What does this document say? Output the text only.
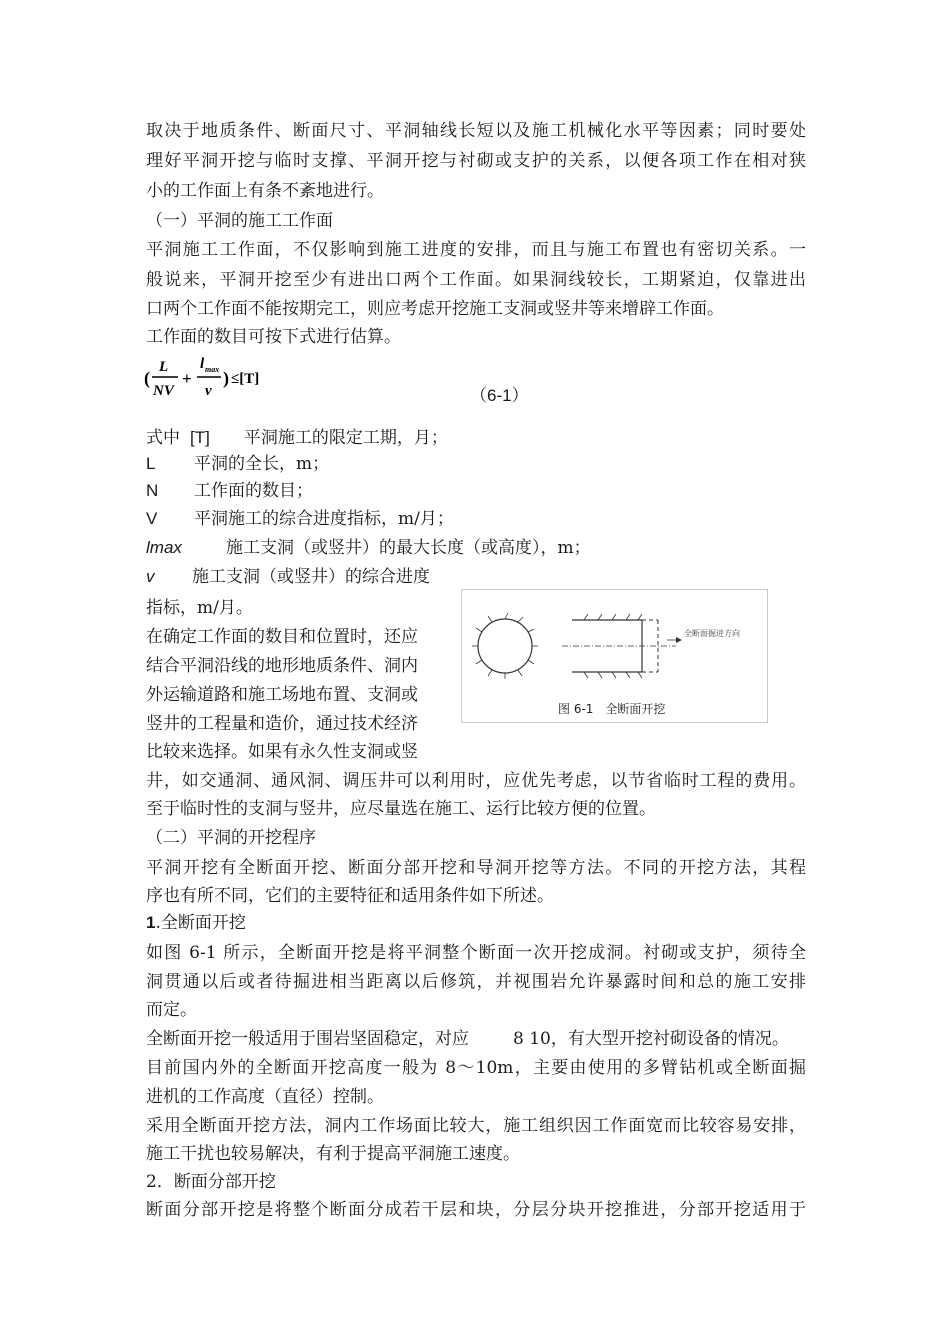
取决于地质条件、断面尺寸、平洞轴线长短以及施工机械化水平等因素；同时要处
理好平洞开挖与临时支撑、平洞开挖与衬砌或支护的关系，以便各项工作在相对狭
小的工作面上有条不紊地进行。
（一）平洞的施工工作面
平洞施工工作面，不仅影响到施工进度的安排，而且与施工布置也有密切关系。一
般说来，平洞开挖至少有进出口两个工作面。如果洞线较长，工期紧迫，仅靠进出
口两个工作面不能按期完工，则应考虑开挖施工支洞或竖井等来增辟工作面。
工作面的数目可按下式进行估算。
(
L
NV
+
l max
v
) ≤[T]
（6-1）
式中 [T] 平洞施工的限定工期，月；
L 平洞的全长，m；
N 工作面的数目；
V 平洞施工的综合进度指标，m/月；
lmax	施工支洞（或竖井）的最大长度（或高度），m；
v 施工支洞（或竖井）的综合进度
指标，m/月。
在确定工作面的数目和位置时，还应
结合平洞沿线的地形地质条件、洞内
外运输道路和施工场地布置、支洞或
竖井的工程量和造价，通过技术经济
比较来选择。如果有永久性支洞或竖
全断面掘进方向
图 6-1　全断面开挖
井，如交通洞、通风洞、调压井可以利用时，应优先考虑，以节省临时工程的费用。
至于临时性的支洞与竖井，应尽量选在施工、运行比较方便的位置。
（二）平洞的开挖程序
平洞开挖有全断面开挖、断面分部开挖和导洞开挖等方法。不同的开挖方法，其程
序也有所不同，它们的主要特征和适用条件如下所述。
1.全断面开挖
如图 6-1 所示，全断面开挖是将平洞整个断面一次开挖成洞。衬砌或支护，须待全
洞贯通以后或者待掘进相当距离以后修筑，并视围岩允许暴露时间和总的施工安排
而定。
全断面开挖一般适用于围岩坚固稳定，对应	8 10，有大型开挖衬砌设备的情况。
目前国内外的全断面开挖高度一般为 8～10m，主要由使用的多臂钻机或全断面掘
进机的工作高度（直径）控制。
采用全断面开挖方法，洞内工作场面比较大，施工组织因工作面宽而比较容易安排，
施工干扰也较易解决，有利于提高平洞施工速度。
2．断面分部开挖
断面分部开挖是将整个断面分成若干层和块，分层分块开挖推进，分部开挖适用于
